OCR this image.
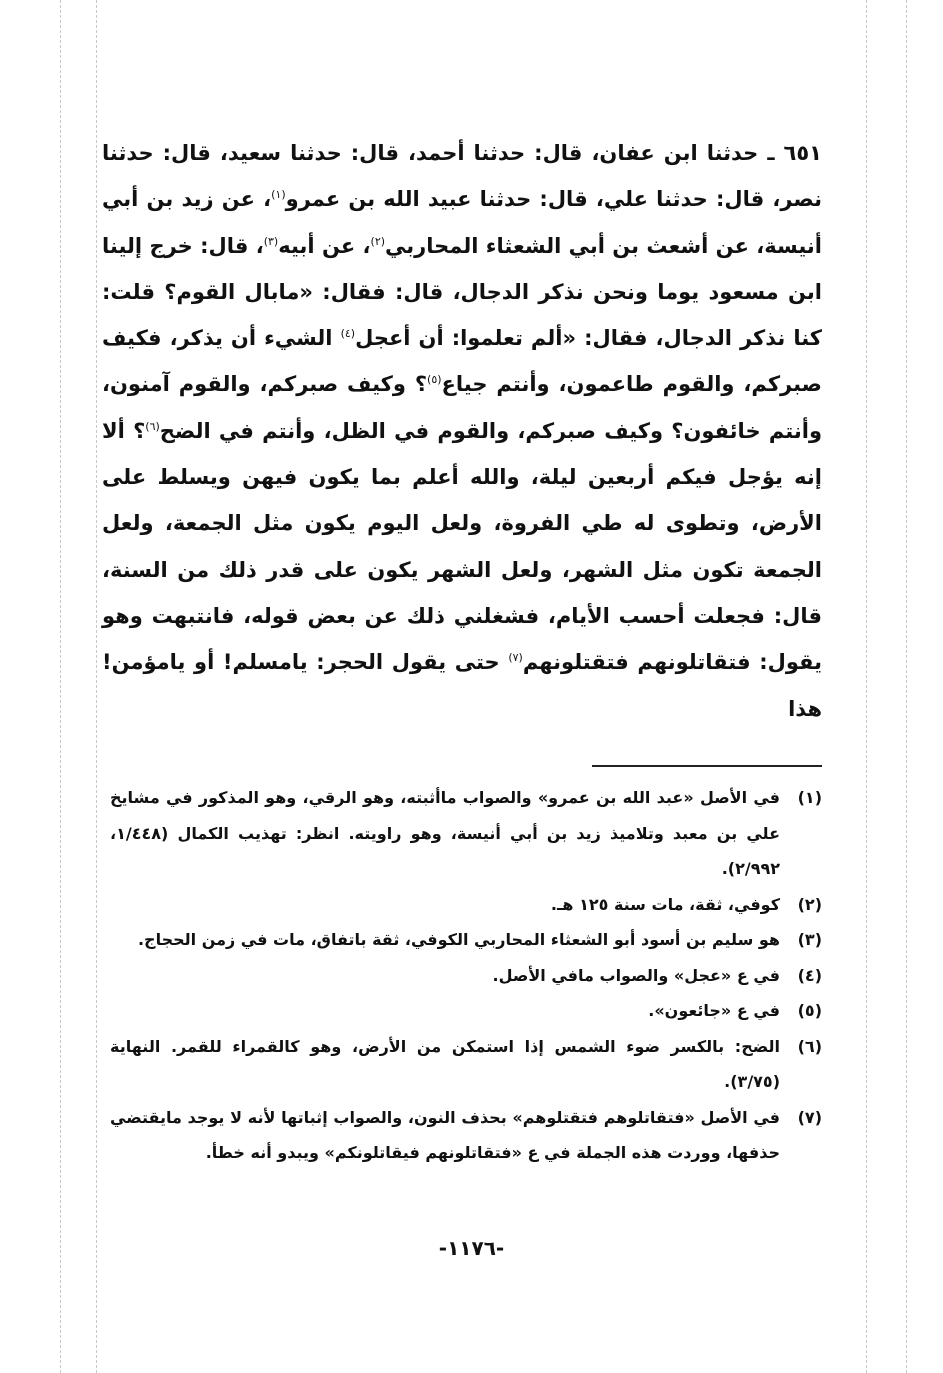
٦٥١ ـ حدثنا ابن عفان، قال: حدثنا أحمد، قال: حدثنا سعيد، قال: حدثنا نصر، قال: حدثنا علي، قال: حدثنا عبيد الله بن عمرو$^{(١)}$، عن زيد بن أبي أنيسة، عن أشعث بن أبي الشعثاء المحاربي$^{(٢)}$، عن أبيه$^{(٣)}$، قال: خرج إلينا ابن مسعود يوما ونحن نذكر الدجال، قال: فقال: «مابال القوم؟ قلت: كنا نذكر الدجال، فقال: «ألم تعلموا: أن أعجل$^{(٤)}$ الشيء أن يذكر، فكيف صبركم، والقوم طاعمون، وأنتم جياع$^{(٥)}$؟ وكيف صبركم، والقوم آمنون، وأنتم خائفون؟ وكيف صبركم، والقوم في الظل، وأنتم في الضح$^{(٦)}$؟ ألا إنه يؤجل فيكم أربعين ليلة، والله أعلم بما يكون فيهن ويسلط على الأرض، وتطوى له طي الفروة، ولعل اليوم يكون مثل الجمعة، ولعل الجمعة تكون مثل الشهر، ولعل الشهر يكون على قدر ذلك من السنة، قال: فجعلت أحسب الأيام، فشغلني ذلك عن بعض قوله، فانتبهت وهو يقول: فتقاتلونهم فتقتلونهم$^{(٧)}$ حتى يقول الحجر: يامسلم! أو يامؤمن! هذا
(١)
في الأصل «عبد الله بن عمرو» والصواب ماأثبته، وهو الرقي، وهو المذكور في مشايخ علي بن معبد وتلاميذ زيد بن أبي أنيسة، وهو راويته. انظر: تهذيب الكمال (١/٤٤٨، ٢/٩٩٢).
(٢)
كوفي، ثقة، مات سنة ١٢٥ هـ.
(٣)
هو سليم بن أسود أبو الشعثاء المحاربي الكوفي، ثقة باتفاق، مات في زمن الحجاج.
(٤)
في ع «عجل» والصواب مافي الأصل.
(٥)
في ع «جائعون».
(٦)
الضح: بالكسر ضوء الشمس إذا استمكن من الأرض، وهو كالقمراء للقمر. النهاية (٣/٧٥).
(٧)
في الأصل «فتقاتلوهم فتقتلوهم» بحذف النون، والصواب إثباتها لأنه لا يوجد مايقتضي حذفها، ووردت هذه الجملة في ع «فتقاتلونهم فيقاتلونكم» ويبدو أنه خطأ.
-١١٧٦-
